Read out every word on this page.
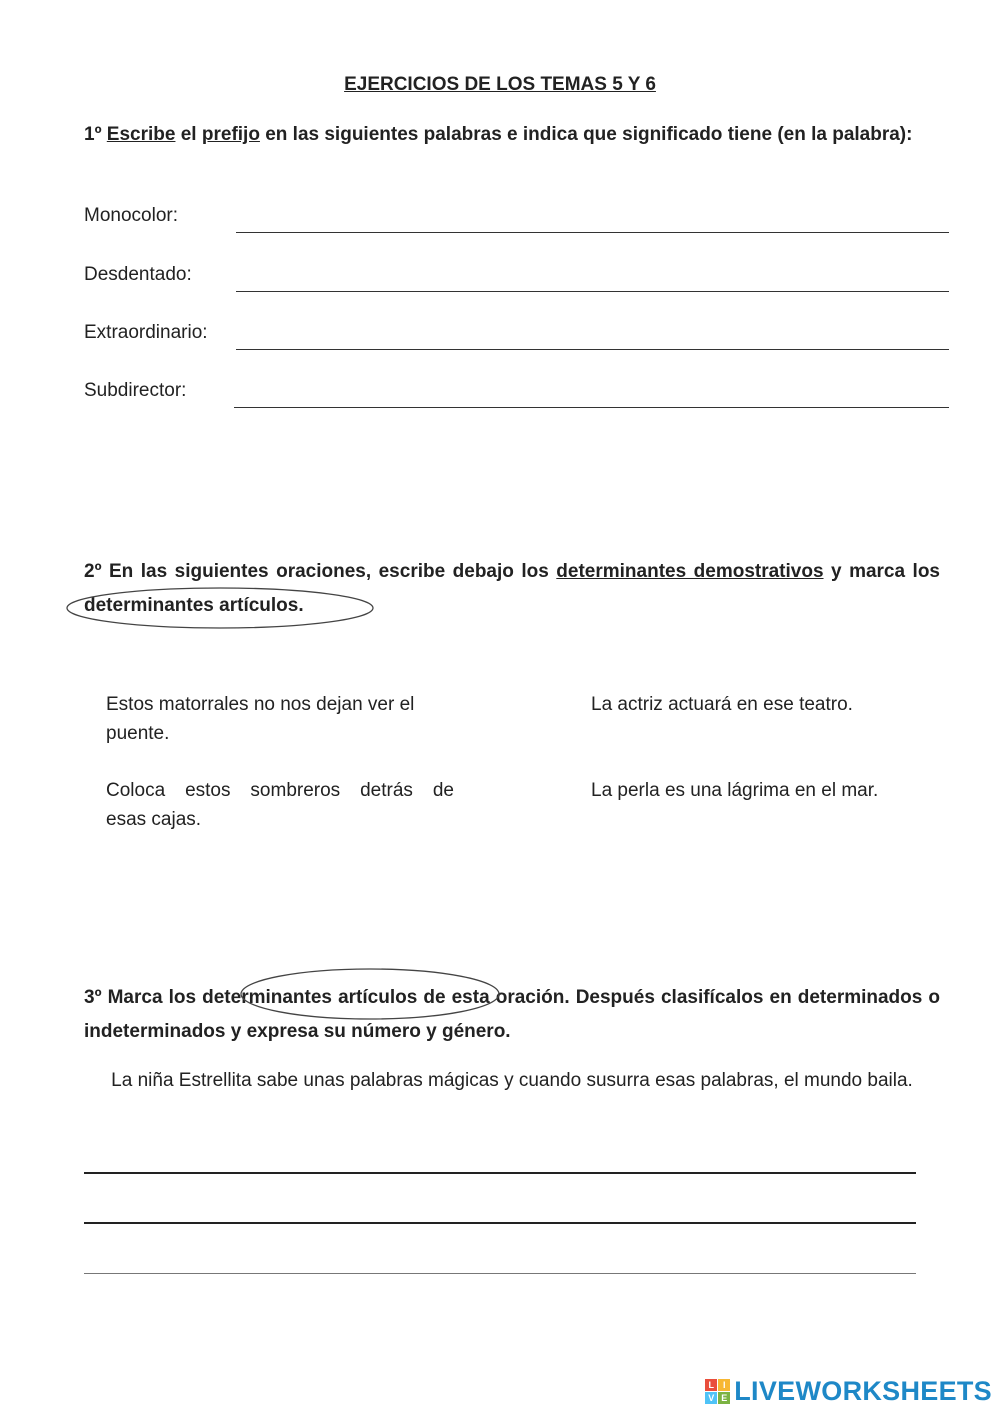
EJERCICIOS DE LOS TEMAS 5 Y 6
1º Escribe el prefijo en las siguientes palabras e indica que significado tiene (en la palabra):
Monocolor:
Desdentado:
Extraordinario:
Subdirector:
2º En las siguientes oraciones, escribe debajo los determinantes demostrativos y marca los determinantes artículos.
Estos matorrales no nos dejan ver el
puente.
La actriz actuará en ese teatro.
Coloca estos sombreros detrás de
esas cajas.
La perla es una lágrima en el mar.
3º Marca los determinantes artículos de esta oración. Después clasifícalos en determinados o indeterminados y expresa su número y género.
La niña Estrellita sabe unas palabras mágicas y cuando susurra esas palabras, el mundo baila.
L I
V E LIVEWORKSHEETS
